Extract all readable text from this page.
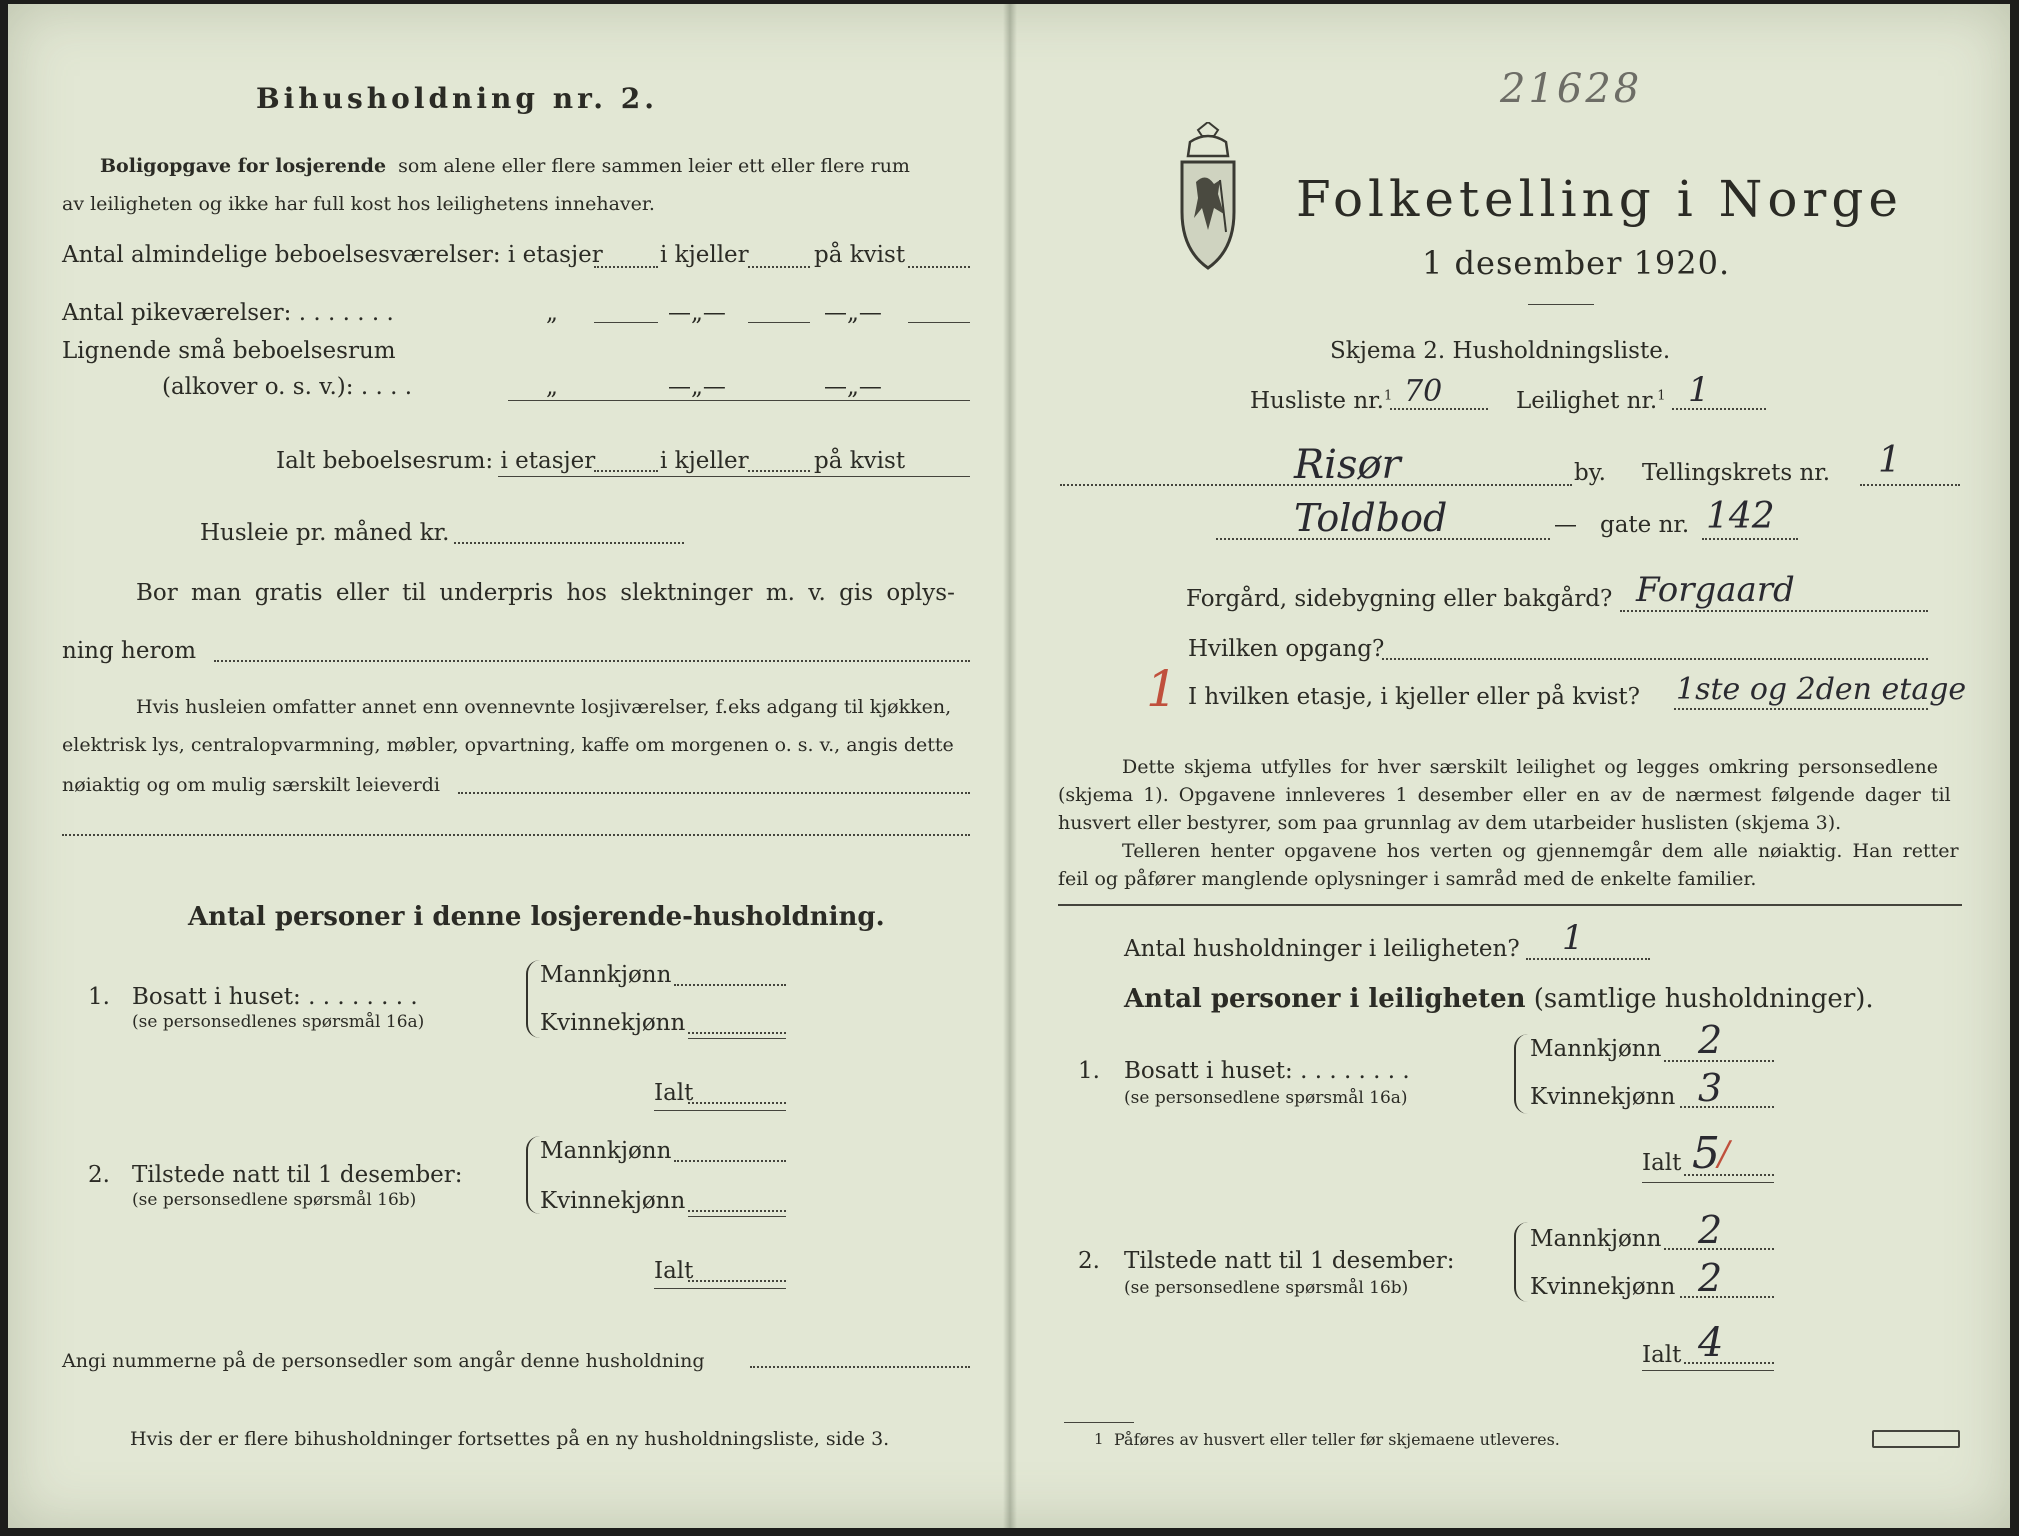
Bihusholdning nr. 2.
Boligopgave for losjerende som alene eller flere sammen leier ett eller flere rum
av leiligheten og ikke har full kost hos leilighetens innehaver.
Antal almindelige beboelsesværelser: i etasjer i kjeller	på kvist
Antal pikeværelser: . . . . . . .	„	—„—	—„—
Lignende små beboelsesrum
(alkover o. s. v.): . . . .	„	—„—	—„—
Ialt beboelsesrum: i etasjer	i kjeller	på kvist
Husleie pr. måned kr.
Bor man gratis eller til underpris hos slektninger m. v. gis oplys-
ning herom
Hvis husleien omfatter annet enn ovennevnte losjiværelser, f.eks adgang til kjøkken,
elektrisk lys, centralopvarmning, møbler, opvartning, kaffe om morgenen o. s. v., angis dette
nøiaktig og om mulig særskilt leieverdi
Antal personer i denne losjerende-husholdning.
1. Bosatt i huset: . . . . . . . .
(se personsedlenes spørsmål 16a)
Mannkjønn
Kvinnekjønn
Ialt
2. Tilstede natt til 1 desember:
(se personsedlene spørsmål 16b)
Mannkjønn
Kvinnekjønn
Ialt
Angi nummerne på de personsedler som angår denne husholdning
Hvis der er flere bihusholdninger fortsettes på en ny husholdningsliste, side 3.
21628
Folketelling i Norge
1 desember 1920.
Skjema 2. Husholdningsliste.
Husliste nr.$^1$ 70	Leilighet nr.$^1$ 1
Risør	by. Tellingskrets nr. 1
Toldbod	— gate nr. 142
Forgård, sidebygning eller bakgård? Forgaard
Hvilken opgang?
1 I hvilken etasje, i kjeller eller på kvist? 1ste og 2den etage
Dette skjema utfylles for hver særskilt leilighet og legges omkring personsedlene
(skjema 1). Opgavene innleveres 1 desember eller en av de nærmest følgende dager til
husvert eller bestyrer, som paa grunnlag av dem utarbeider huslisten (skjema 3).
Telleren henter opgavene hos verten og gjennemgår dem alle nøiaktig. Han retter
feil og påfører manglende oplysninger i samråd med de enkelte familier.
Antal husholdninger i leiligheten? 1
Antal personer i leiligheten (samtlige husholdninger).
1. Bosatt i huset: . . . . . . . .
(se personsedlene spørsmål 16a)
Mannkjønn 2
Kvinnekjønn 3
Ialt 5
/
2. Tilstede natt til 1 desember:
(se personsedlene spørsmål 16b)
Mannkjønn 2
Kvinnekjønn 2
Ialt 4
1 Påføres av husvert eller teller før skjemaene utleveres.
